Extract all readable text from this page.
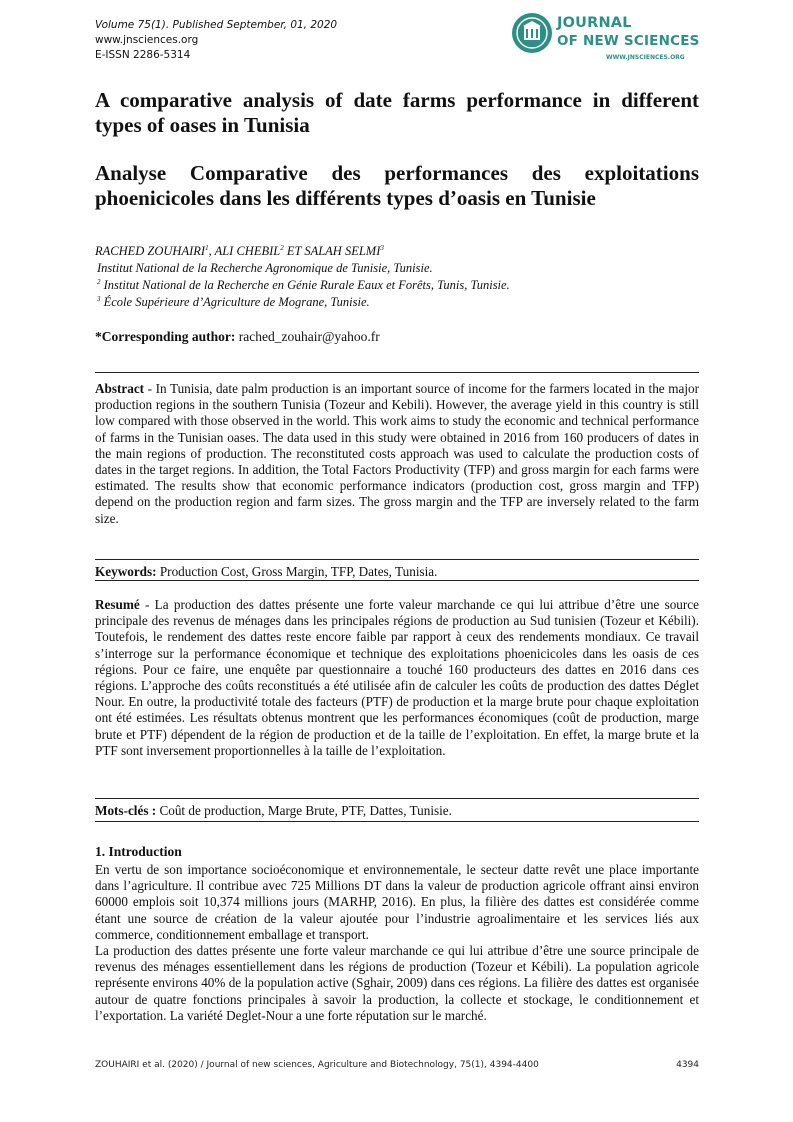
Volume 75(1). Published September, 01, 2020
www.jnsciences.org
E-ISSN 2286-5314
JOURNAL
OF NEW SCIENCES
WWW.JNSCIENCES.ORG
A comparative analysis of date farms performance in different types of oases in Tunisia
Analyse Comparative des performances des exploitations phoenicicoles dans les différents types d’oasis en Tunisie
RACHED ZOUHAIRI$^1$, ALI CHEBIL$^2$ ET SALAH SELMI$^3$
Institut National de la Recherche Agronomique de Tunisie, Tunisie.
$^2$ Institut National de la Recherche en Génie Rurale Eaux et Forêts, Tunis, Tunisie.
$^3$ École Supérieure d’Agriculture de Mograne, Tunisie.
*Corresponding author: rached_zouhair@yahoo.fr
Abstract - In Tunisia, date palm production is an important source of income for the farmers located in the major production regions in the southern Tunisia (Tozeur and Kebili). However, the average yield in this country is still low compared with those observed in the world. This work aims to study the economic and technical performance of farms in the Tunisian oases. The data used in this study were obtained in 2016 from 160 producers of dates in the main regions of production. The reconstituted costs approach was used to calculate the production costs of dates in the target regions. In addition, the Total Factors Productivity (TFP) and gross margin for each farms were estimated. The results show that economic performance indicators (production cost, gross margin and TFP) depend on the production region and farm sizes. The gross margin and the TFP are inversely related to the farm size.
Keywords: Production Cost, Gross Margin, TFP, Dates, Tunisia.
Resumé - La production des dattes présente une forte valeur marchande ce qui lui attribue d’être une source principale des revenus de ménages dans les principales régions de production au Sud tunisien (Tozeur et Kébili). Toutefois, le rendement des dattes reste encore faible par rapport à ceux des rendements mondiaux. Ce travail s’interroge sur la performance économique et technique des exploitations phoenicicoles dans les oasis de ces régions. Pour ce faire, une enquête par questionnaire a touché 160 producteurs des dattes en 2016 dans ces régions. L’approche des coûts reconstitués a été utilisée afin de calculer les coûts de production des dattes Déglet Nour. En outre, la productivité totale des facteurs (PTF) de production et la marge brute pour chaque exploitation ont été estimées. Les résultats obtenus montrent que les performances économiques (coût de production, marge brute et PTF) dépendent de la région de production et de la taille de l’exploitation. En effet, la marge brute et la PTF sont inversement proportionnelles à la taille de l’exploitation.
Mots-clés : Coût de production, Marge Brute, PTF, Dattes, Tunisie.
1. Introduction
En vertu de son importance socioéconomique et environnementale, le secteur datte revêt une place importante dans l’agriculture. Il contribue avec 725 Millions DT dans la valeur de production agricole offrant ainsi environ 60000 emplois soit 10,374 millions jours (MARHP, 2016). En plus, la filière des dattes est considérée comme étant une source de création de la valeur ajoutée pour l’industrie agroalimentaire et les services liés aux commerce, conditionnement emballage et transport.
La production des dattes présente une forte valeur marchande ce qui lui attribue d’être une source principale de revenus des ménages essentiellement dans les régions de production (Tozeur et Kébili). La population agricole représente environs 40% de la population active (Sghair, 2009) dans ces régions. La filière des dattes est organisée autour de quatre fonctions principales à savoir la production, la collecte et stockage, le conditionnement et l’exportation. La variété Deglet-Nour a une forte réputation sur le marché.
ZOUHAIRI et al. (2020) / Journal of new sciences, Agriculture and Biotechnology, 75(1), 4394-4400	4394
